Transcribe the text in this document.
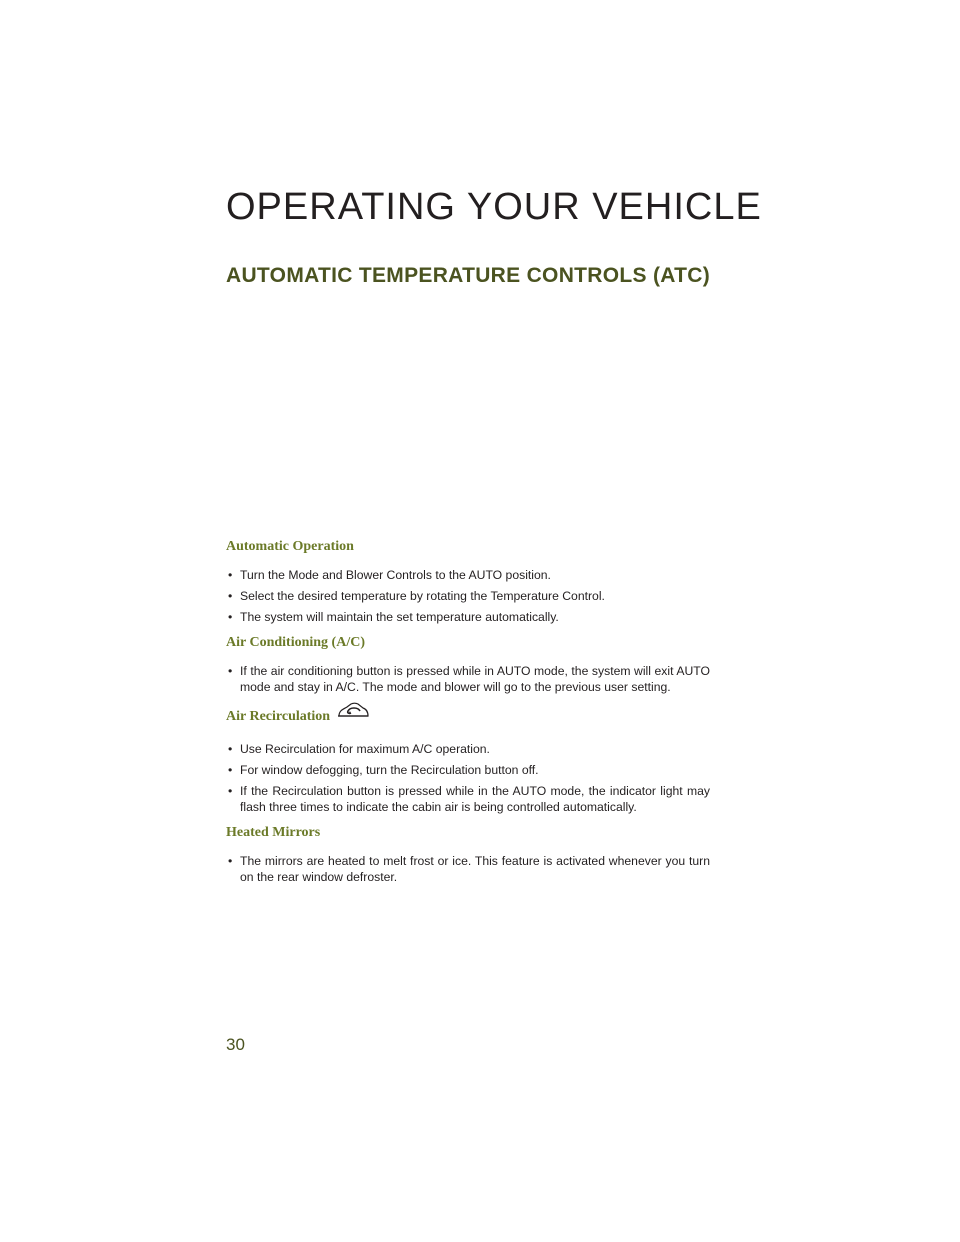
OPERATING YOUR VEHICLE
AUTOMATIC TEMPERATURE CONTROLS (ATC)
Automatic Operation
• Turn the Mode and Blower Controls to the AUTO position.
• Select the desired temperature by rotating the Temperature Control.
• The system will maintain the set temperature automatically.
Air Conditioning (A/C)
• If the air conditioning button is pressed while in AUTO mode, the system will exit AUTO mode and stay in A/C. The mode and blower will go to the previous user setting.
Air Recirculation
• Use Recirculation for maximum A/C operation.
• For window defogging, turn the Recirculation button off.
• If the Recirculation button is pressed while in the AUTO mode, the indicator light may flash three times to indicate the cabin air is being controlled automatically.
Heated Mirrors
• The mirrors are heated to melt frost or ice. This feature is activated whenever you turn on the rear window defroster.
30
